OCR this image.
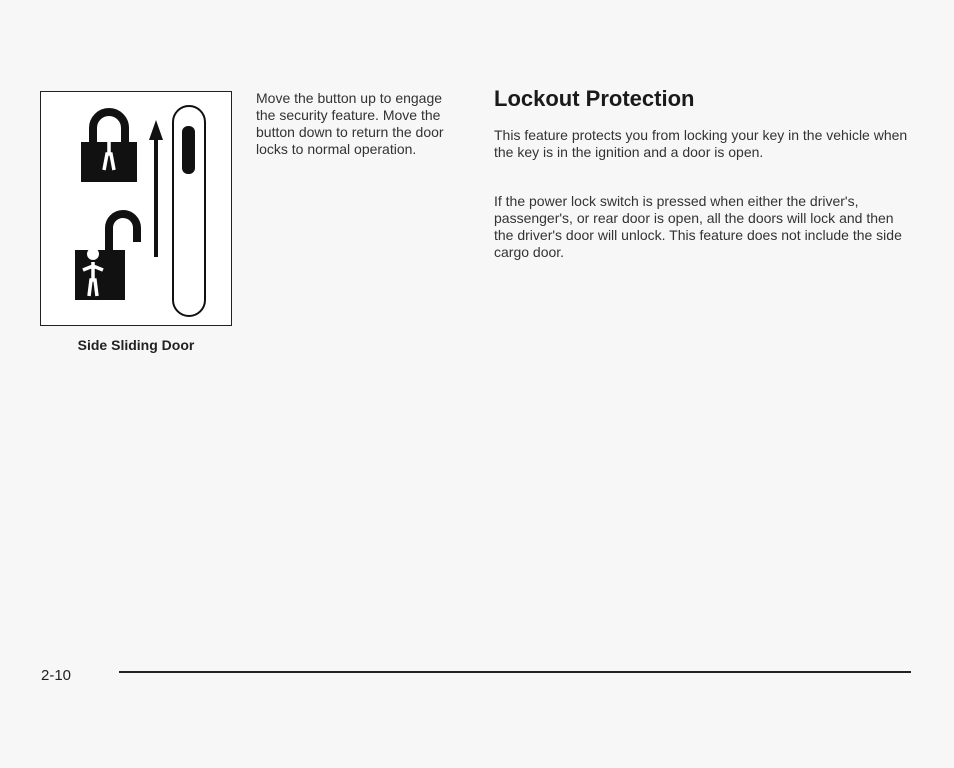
Side Sliding Door
Move the button up to engage the security feature. Move the button down to return the door locks to normal operation.
Lockout Protection

This feature protects you from locking your key in the vehicle when the key is in the ignition and a door is open.

If the power lock switch is pressed when either the driver's, passenger's, or rear door is open, all the doors will lock and then the driver's door will unlock. This feature does not include the side cargo door.

2-10
